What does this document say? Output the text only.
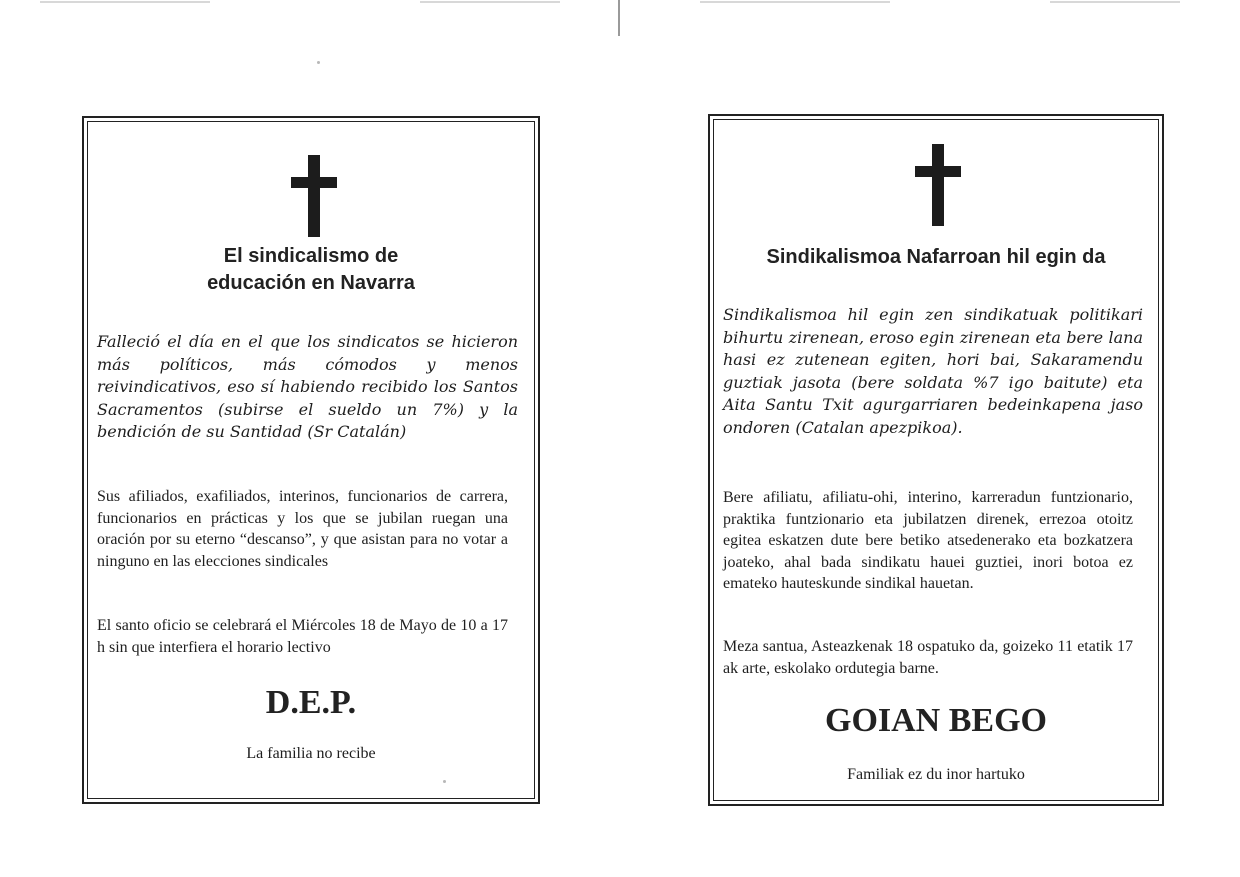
El sindicalismo de educación en Navarra
Falleció el día en el que los sindicatos se hicieron más políticos, más cómodos y menos reivindicativos, eso sí habiendo recibido los Santos Sacramentos (subirse el sueldo un 7%) y la bendición de su Santidad (Sr Catalán)
Sus afiliados, exafiliados, interinos, funcionarios de carrera, funcionarios en prácticas y los que se jubilan ruegan una oración por su eterno “descanso”, y que asistan para no votar a ninguno en las elecciones sindicales
El santo oficio se celebrará el Miércoles 18 de Mayo de 10 a 17 h sin que interfiera el horario lectivo
D.E.P.
La familia no recibe
Sindikalismoa Nafarroan hil egin da
Sindikalismoa hil egin zen sindikatuak politikari bihurtu zirenean, eroso egin zirenean eta bere lana hasi ez zutenean egiten, hori bai, Sakaramendu guztiak jasota (bere soldata %7 igo baitute) eta Aita Santu Txit agurgarriaren bedeinkapena jaso ondoren (Catalan apezpikoa).
Bere afiliatu, afiliatu-ohi, interino, karreradun funtzionario, praktika funtzionario eta jubilatzen direnek, errezoa otoitz egitea eskatzen dute bere betiko atsedenerako eta bozkatzera joateko, ahal bada sindikatu hauei guztiei, inori botoa ez emateko hauteskunde sindikal hauetan.
Meza santua, Asteazkenak 18 ospatuko da, goizeko 11 etatik 17 ak arte, eskolako ordutegia barne.
GOIAN BEGO
Familiak ez du inor hartuko
